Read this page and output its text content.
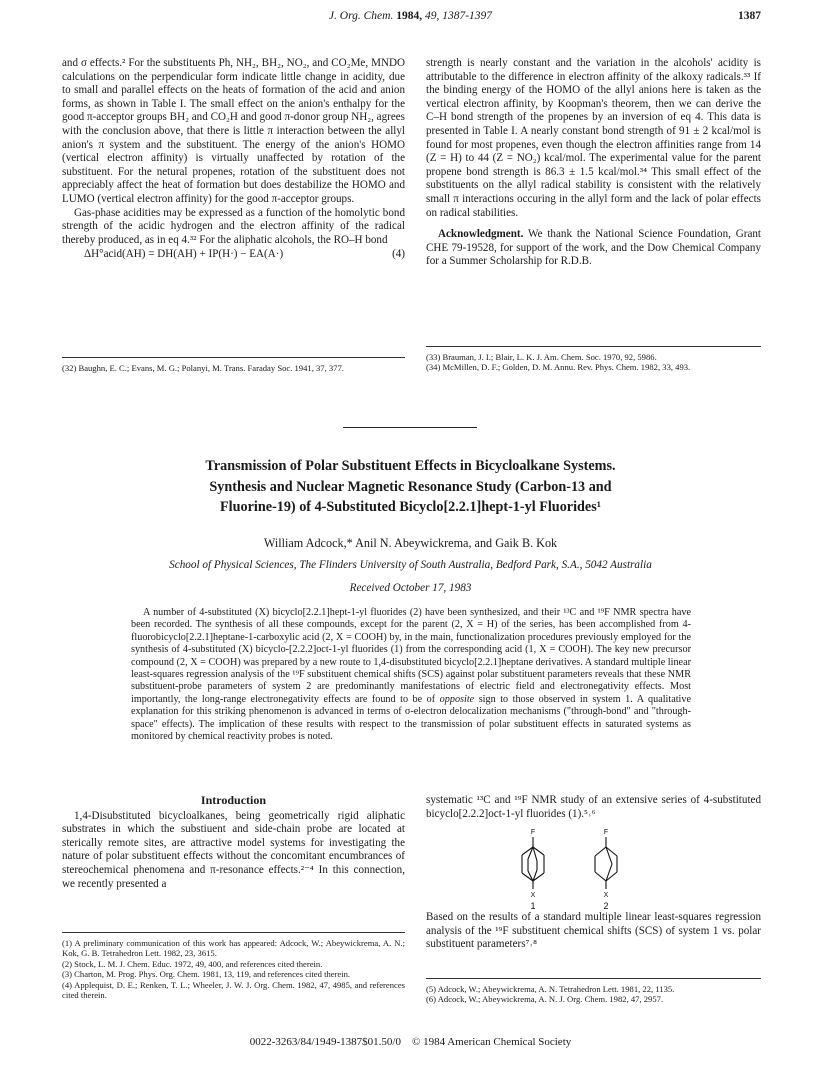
J. Org. Chem. 1984, 49, 1387-1397	1387

and σ effects.² For the substituents Ph, NH₂, BH₂, NO₂, and CO₂Me, MNDO calculations on the perpendicular form indicate little change in acidity, due to small and parallel effects on the heats of formation of the acid and anion forms, as shown in Table I. The small effect on the anion's enthalpy for the good π-acceptor groups BH₂ and CO₂H and good π-donor group NH₂, agrees with the conclusion above, that there is little π interaction between the allyl anion's π system and the substituent. The energy of the anion's HOMO (vertical electron affinity) is virtually unaffected by rotation of the substituent. For the netural propenes, rotation of the substituent does not appreciably affect the heat of formation but does destabilize the HOMO and LUMO (vertical electron affinity) for the good π-acceptor groups.

Gas-phase acidities may be expressed as a function of the homolytic bond strength of the acidic hydrogen and the electron affinity of the radical thereby produced, as in eq 4.³² For the aliphatic alcohols, the RO–H bond

ΔH°acid(AH) = DH(AH) + IP(H·) − EA(A·)	(4)

(32) Baughn, E. C.; Evans, M. G.; Polanyi, M. Trans. Faraday Soc. 1941, 37, 377.

strength is nearly constant and the variation in the alcohols' acidity is attributable to the difference in electron affinity of the alkoxy radicals.³³ If the binding energy of the HOMO of the allyl anions here is taken as the vertical electron affinity, by Koopman's theorem, then we can derive the C–H bond strength of the propenes by an inversion of eq 4. This data is presented in Table I. A nearly constant bond strength of 91 ± 2 kcal/mol is found for most propenes, even though the electron affinities range from 14 (Z = H) to 44 (Z = NO₂) kcal/mol. The experimental value for the parent propene bond strength is 86.3 ± 1.5 kcal/mol.³⁴ This small effect of the substituents on the allyl radical stability is consistent with the relatively small π interactions occuring in the allyl form and the lack of polar effects on radical stabilities.

Acknowledgment. We thank the National Science Foundation, Grant CHE 79-19528, for support of the work, and the Dow Chemical Company for a Summer Scholarship for R.D.B.

(33) Brauman, J. I.; Blair, L. K. J. Am. Chem. Soc. 1970, 92, 5986.

(34) McMillen, D. F.; Golden, D. M. Annu. Rev. Phys. Chem. 1982, 33, 493.

Transmission of Polar Substituent Effects in Bicycloalkane Systems.
Synthesis and Nuclear Magnetic Resonance Study (Carbon-13 and
Fluorine-19) of 4-Substituted Bicyclo[2.2.1]hept-1-yl Fluorides¹
William Adcock,* Anil N. Abeywickrema, and Gaik B. Kok
School of Physical Sciences, The Flinders University of South Australia, Bedford Park, S.A., 5042 Australia
Received October 17, 1983

A number of 4-substituted (X) bicyclo[2.2.1]hept-1-yl fluorides (2) have been synthesized, and their ¹³C and ¹⁹F NMR spectra have been recorded. The synthesis of all these compounds, except for the parent (2, X = H) of the series, has been accomplished from 4-fluorobicyclo[2.2.1]heptane-1-carboxylic acid (2, X = COOH) by, in the main, functionalization procedures previously employed for the synthesis of 4-substituted (X) bicyclo-[2.2.2]oct-1-yl fluorides (1) from the corresponding acid (1, X = COOH). The key new precursor compound (2, X = COOH) was prepared by a new route to 1,4-disubstituted bicyclo[2.2.1]heptane derivatives. A standard multiple linear least-squares regression analysis of the ¹⁹F substituent chemical shifts (SCS) against polar substituent parameters reveals that these NMR substituent-probe parameters of system 2 are predominantly manifestations of electric field and electronegativity effects. Most importantly, the long-range electronegativity effects are found to be of opposite sign to those observed in system 1. A qualitative explanation for this striking phenomenon is advanced in terms of σ-electron delocalization mechanisms ("through-bond" and "through-space" effects). The implication of these results with respect to the transmission of polar substituent effects in saturated systems as monitored by chemical reactivity probes is noted.

Introduction

1,4-Disubstituted bicycloalkanes, being geometrically rigid aliphatic substrates in which the substiuent and side-chain probe are located at sterically remote sites, are attractive model systems for investigating the nature of polar substituent effects without the concomitant encumbrances of stereochemical phenomena and π-resonance effects.²⁻⁴ In this connection, we recently presented a

(1) A preliminary communication of this work has appeared: Adcock, W.; Abeywickrema, A. N.; Kok, G. B. Tetrahedron Lett. 1982, 23, 3615.

(2) Stock, L. M. J. Chem. Educ. 1972, 49, 400, and references cited therein.

(3) Charton, M. Prog. Phys. Org. Chem. 1981, 13, 119, and references cited therein.

(4) Applequist, D. E.; Renken, T. L.; Wheeler, J. W. J. Org. Chem. 1982, 47, 4985, and references cited therein.

systematic ¹³C and ¹⁹F NMR study of an extensive series of 4-substituted bicyclo[2.2.2]oct-1-yl fluorides (1).⁵˒⁶

F
X
1
F
X
2

Based on the results of a standard multiple linear least-squares regression analysis of the ¹⁹F substituent chemical shifts (SCS) of system 1 vs. polar substituent parameters⁷˒⁸

(5) Adcock, W.; Abeywickrema, A. N. Tetrahedron Lett. 1981, 22, 1135.

(6) Adcock, W.; Abeywickrema, A. N. J. Org. Chem. 1982, 47, 2957.

0022-3263/84/1949-1387$01.50/0 © 1984 American Chemical Society
